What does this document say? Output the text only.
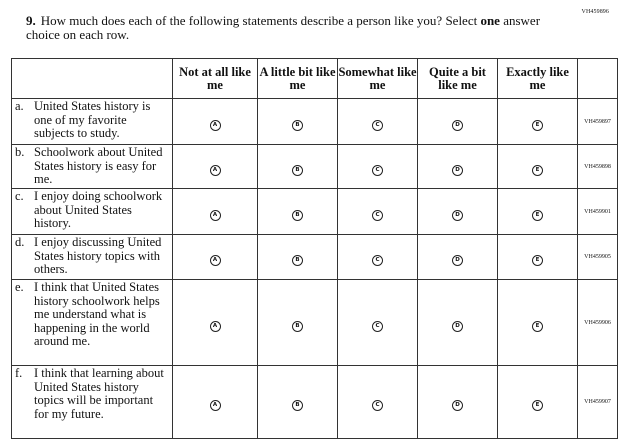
VH459896
9. How much does each of the following statements describe a person like you? Select one answer choice on each row.
	Not at all like me	A little bit like me	Somewhat like me	Quite a bit like me	Exactly like me	

a. United States history is one of my favorite subjects to study.	A	B	C	D	E	VH459897

b. Schoolwork about United States history is easy for me.	A	B	C	D	E	VH459898

c. I enjoy doing schoolwork about United States history.	A	B	C	D	E	VH459901

d. I enjoy discussing United States history topics with others.	A	B	C	D	E	VH459905

e. I think that United States history schoolwork helps me understand what is happening in the world around me.	A	B	C	D	E	VH459906

f. I think that learning about United States history topics will be important for my future.	A	B	C	D	E	VH459907
